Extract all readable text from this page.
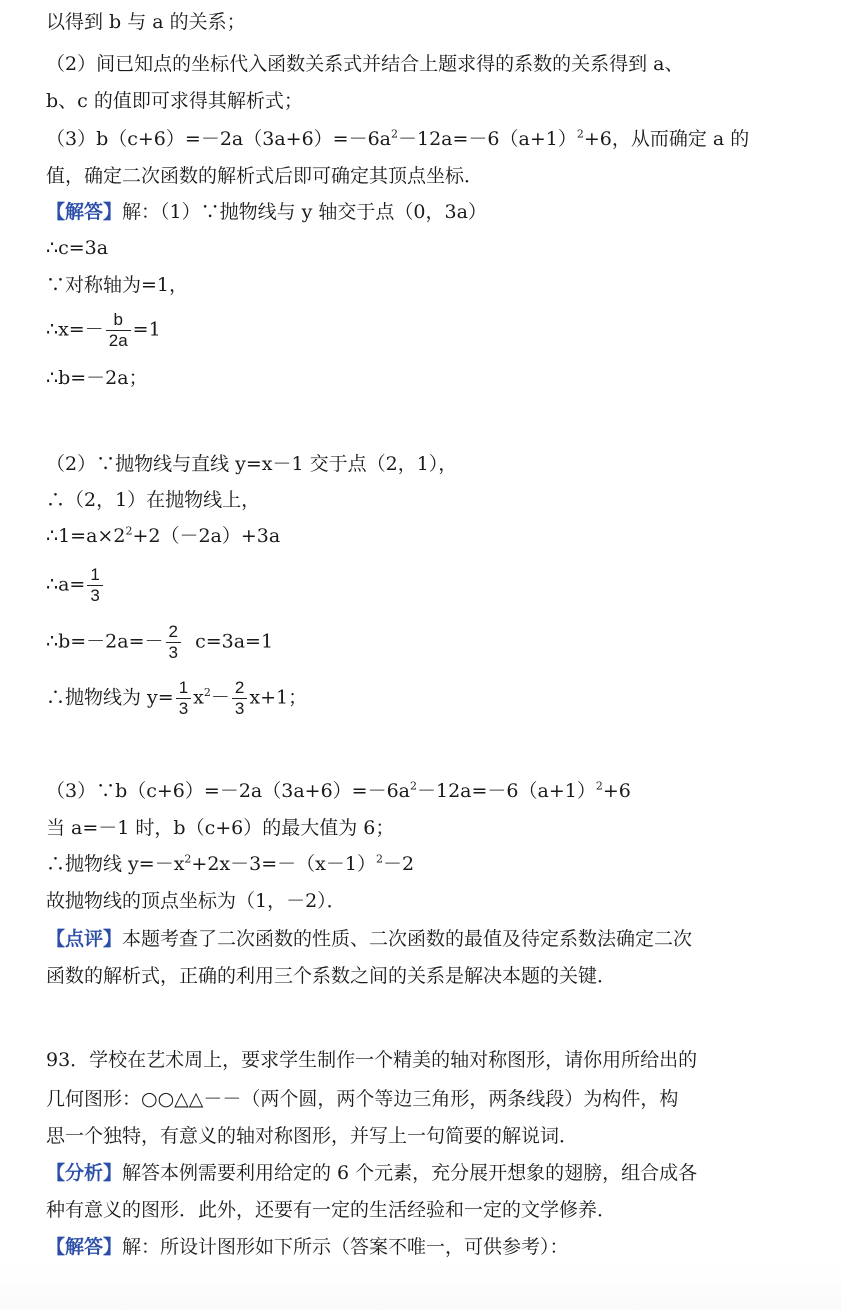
以得到 b 与 a 的关系；
（2）间已知点的坐标代入函数关系式并结合上题求得的系数的关系得到 a、
b、c 的值即可求得其解析式；
$(3)b(c+6)=-2a(3a+6)=-6a^2-12a=-6(a+1)^2+6$，从而确定 a 的
值，确定二次函数的解析式后即可确定其顶点坐标．
【解答】解：（1）∵抛物线与 y 轴交于点（0，3a）
∴c=3a
∵对称轴为=1，
∴x=－ $\frac{b}{2a} =1$
∴b=－2a；
（2）∵抛物线与直线 y=x－1 交于点（2，1），
∴（2，1）在抛物线上，
$\therefore 1=a\times 2^2+2(-2a)+3a$
∴a= $\frac{1}{3}$
∴b=－2a=－ $\frac{2}{3} c=3a=1$
∴抛物线为 $y= \frac{1}{3} x^2- \frac{2}{3} x+1$；
$(3)\because b(c+6)=-2a(3a+6)=-6a^2-12a=-6(a+1)^2+6$
当 a=－1 时，b（c+6）的最大值为 6；
∴抛物线 $y=-x^2+2x-3=-(x-1)^2-2$
故抛物线的顶点坐标为（1，－2）．
【点评】本题考查了二次函数的性质、二次函数的最值及待定系数法确定二次
函数的解析式，正确的利用三个系数之间的关系是解决本题的关键．
93．学校在艺术周上，要求学生制作一个精美的轴对称图形，请你用所给出的
几何图形：○○△△－－（两个圆，两个等边三角形，两条线段）为构件，构
思一个独特，有意义的轴对称图形，并写上一句简要的解说词．
【分析】解答本例需要利用给定的 6 个元素，充分展开想象的翅膀，组合成各
种有意义的图形．此外，还要有一定的生活经验和一定的文学修养．
【解答】解：所设计图形如下所示（答案不唯一，可供参考）：
